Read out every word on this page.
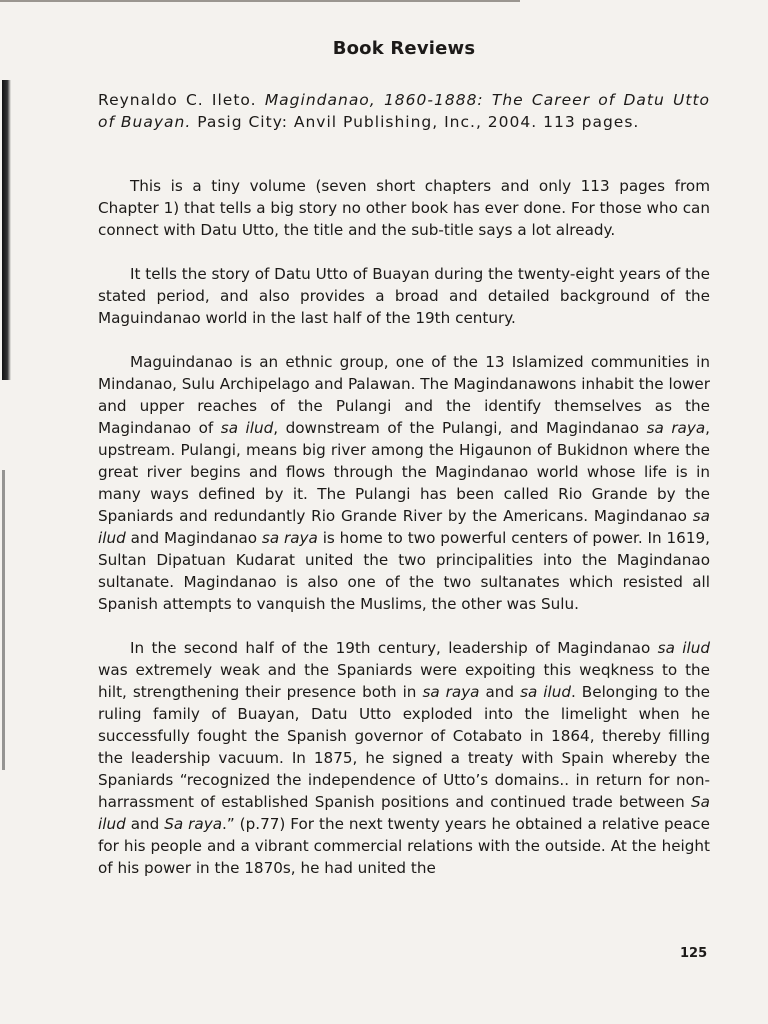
Book Reviews
Reynaldo C. Ileto. Magindanao, 1860-1888: The Career of Datu Utto of Buayan. Pasig City: Anvil Publishing, Inc., 2004. 113 pages.

This is a tiny volume (seven short chapters and only 113 pages from Chapter 1) that tells a big story no other book has ever done. For those who can connect with Datu Utto, the title and the sub-title says a lot already.

It tells the story of Datu Utto of Buayan during the twenty-eight years of the stated period, and also provides a broad and detailed background of the Maguindanao world in the last half of the 19th century.

Maguindanao is an ethnic group, one of the 13 Islamized communities in Mindanao, Sulu Archipelago and Palawan. The Magindanawons inhabit the lower and upper reaches of the Pulangi and the identify themselves as the Magindanao of sa ilud, downstream of the Pulangi, and Magindanao sa raya, upstream. Pulangi, means big river among the Higaunon of Bukidnon where the great river begins and flows through the Magindanao world whose life is in many ways defined by it. The Pulangi has been called Rio Grande by the Spaniards and redundantly Rio Grande River by the Americans. Magindanao sa ilud and Magindanao sa raya is home to two powerful centers of power. In 1619, Sultan Dipatuan Kudarat united the two principalities into the Magindanao sultanate. Magindanao is also one of the two sultanates which resisted all Spanish attempts to vanquish the Muslims, the other was Sulu.

In the second half of the 19th century, leadership of Magindanao sa ilud was extremely weak and the Spaniards were expoiting this weqkness to the hilt, strengthening their presence both in sa raya and sa ilud. Belonging to the ruling family of Buayan, Datu Utto exploded into the limelight when he successfully fought the Spanish governor of Cotabato in 1864, thereby filling the leadership vacuum. In 1875, he signed a treaty with Spain whereby the Spaniards “recognized the independence of Utto’s domains.. in return for non-harrassment of established Spanish positions and continued trade between Sa ilud and Sa raya.” (p.77) For the next twenty years he obtained a relative peace for his people and a vibrant commercial relations with the outside. At the height of his power in the 1870s, he had united the

125
